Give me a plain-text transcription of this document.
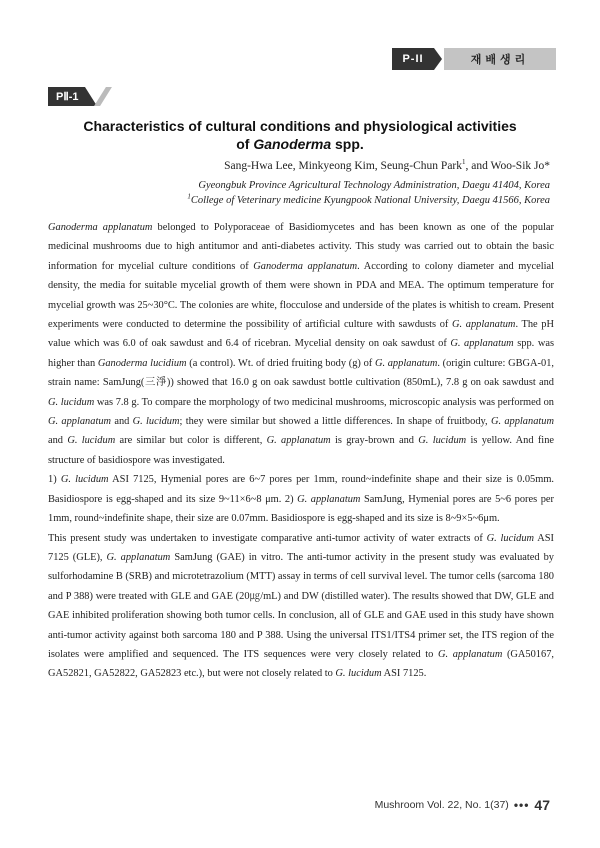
P-II	재배생리
PⅡ-1
Characteristics of cultural conditions and physiological activities
of Ganoderma spp.
Sang-Hwa Lee, Minkyeong Kim, Seung-Chun Park$^1$, and Woo-Sik Jo*
Gyeongbuk Province Agricultural Technology Administration, Daegu 41404, Korea
$^1$College of Veterinary medicine Kyungpook National University, Daegu 41566, Korea

Ganoderma applanatum belonged to Polyporaceae of Basidiomycetes and has been known as one of the popular medicinal mushrooms due to high antitumor and anti-diabetes activity. This study was carried out to obtain the basic information for mycelial culture conditions of Ganoderma applanatum. According to colony diameter and mycelial density, the media for suitable mycelial growth of them were shown in PDA and MEA. The optimum temperature for mycelial growth was 25~30°C. The colonies are white, flocculose and underside of the plates is whitish to cream. Present experiments were conducted to determine the possibility of artificial culture with sawdusts of G. applanatum. The pH value which was 6.0 of oak sawdust and 6.4 of ricebran. Mycelial density on oak sawdust of G. applanatum spp. was higher than Ganoderma lucidium (a control). Wt. of dried fruiting body (g) of G. applanatum. (origin culture: GBGA-01, strain name: SamJung(三淨)) showed that 16.0 g on oak sawdust bottle cultivation (850mL), 7.8 g on oak sawdust and G. lucidum was 7.8 g. To compare the morphology of two medicinal mushrooms, microscopic analysis was performed on G. applanatum and G. lucidum; they were similar but showed a little differences. In shape of fruitbody, G. applanatum and G. lucidum are similar but color is different, G. applanatum is gray-brown and G. lucidum is yellow. And fine structure of basidiospore was investigated.

1) G. lucidum ASI 7125, Hymenial pores are 6~7 pores per 1mm, round~indefinite shape and their size is 0.05mm. Basidiospore is egg-shaped and its size 9~11×6~8 μm. 2) G. applanatum SamJung, Hymenial pores are 5~6 pores per 1mm, round~indefinite shape, their size are 0.07mm. Basidiospore is egg-shaped and its size is 8~9×5~6μm.

This present study was undertaken to investigate comparative anti-tumor activity of water extracts of G. lucidum ASI 7125 (GLE), G. applanatum SamJung (GAE) in vitro. The anti-tumor activity in the present study was evaluated by sulforhodamine B (SRB) and microtetrazolium (MTT) assay in terms of cell survival level. The tumor cells (sarcoma 180 and P 388) were treated with GLE and GAE (20㎍/mL) and DW (distilled water). The results showed that DW, GLE and GAE inhibited proliferation showing both tumor cells. In conclusion, all of GLE and GAE used in this study have shown anti-tumor activity against both sarcoma 180 and P 388. Using the universal ITS1/ITS4 primer set, the ITS region of the isolates were amplified and sequenced. The ITS sequences were very closely related to G. applanatum (GA50167, GA52821, GA52822, GA52823 etc.), but were not closely related to G. lucidum ASI 7125.

Mushroom Vol. 22, No. 1(37) ••• 47
